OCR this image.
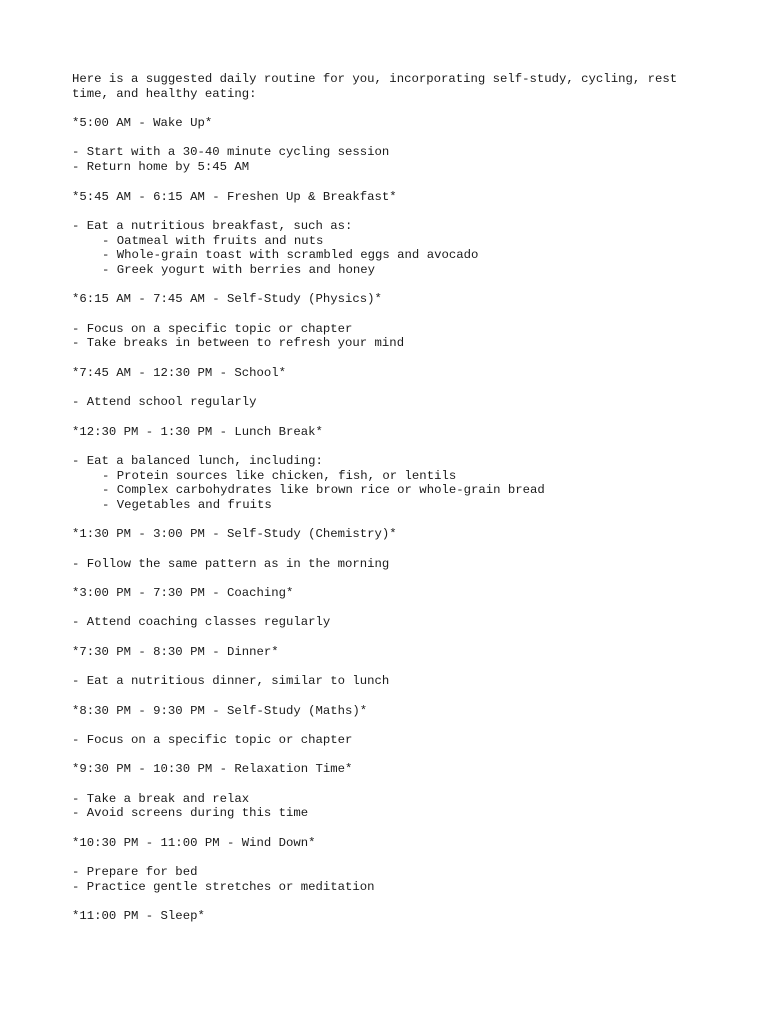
Here is a suggested daily routine for you, incorporating self-study, cycling, rest
time, and healthy eating:
*5:00 AM - Wake Up*
- Start with a 30-40 minute cycling session
- Return home by 5:45 AM
*5:45 AM - 6:15 AM - Freshen Up & Breakfast*
- Eat a nutritious breakfast, such as:
- Oatmeal with fruits and nuts
- Whole-grain toast with scrambled eggs and avocado
- Greek yogurt with berries and honey
*6:15 AM - 7:45 AM - Self-Study (Physics)*
- Focus on a specific topic or chapter
- Take breaks in between to refresh your mind
*7:45 AM - 12:30 PM - School*
- Attend school regularly
*12:30 PM - 1:30 PM - Lunch Break*
- Eat a balanced lunch, including:
- Protein sources like chicken, fish, or lentils
- Complex carbohydrates like brown rice or whole-grain bread
- Vegetables and fruits
*1:30 PM - 3:00 PM - Self-Study (Chemistry)*
- Follow the same pattern as in the morning
*3:00 PM - 7:30 PM - Coaching*
- Attend coaching classes regularly
*7:30 PM - 8:30 PM - Dinner*
- Eat a nutritious dinner, similar to lunch
*8:30 PM - 9:30 PM - Self-Study (Maths)*
- Focus on a specific topic or chapter
*9:30 PM - 10:30 PM - Relaxation Time*
- Take a break and relax
- Avoid screens during this time
*10:30 PM - 11:00 PM - Wind Down*
- Prepare for bed
- Practice gentle stretches or meditation
*11:00 PM - Sleep*
